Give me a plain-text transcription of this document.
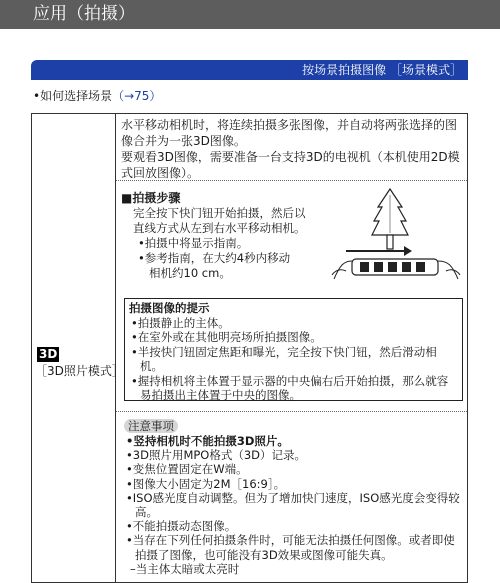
应用（拍摄）
按场景拍摄图像 ［场景模式］
•如何选择场景（→75）
3D
［3D照片模式］
水平移动相机时，将连续拍摄多张图像，并自动将两张选择的图像合并为一张3D图像。
要观看3D图像，需要准备一台支持3D的电视机（本机使用2D模式回放图像）。
■拍摄步骤
完全按下快门钮开始拍摄，然后以直线方式从左到右水平移动相机。
•拍摄中将显示指南。
•参考指南，在大约4秒内移动
相机约10 cm。
拍摄图像的提示
•拍摄静止的主体。
•在室外或在其他明亮场所拍摄图像。
•半按快门钮固定焦距和曝光，完全按下快门钮，然后滑动相机。
•握持相机将主体置于显示器的中央偏右后开始拍摄，那么就容易拍摄出主体置于中央的图像。
注意事项
•竖持相机时不能拍摄3D照片。
•3D照片用MPO格式（3D）记录。
•变焦位置固定在W端。
•图像大小固定为2M［16:9］。
•ISO感光度自动调整。但为了增加快门速度，ISO感光度会变得较高。
•不能拍摄动态图像。
•当存在下列任何拍摄条件时，可能无法拍摄任何图像。或者即使拍摄了图像，也可能没有3D效果或图像可能失真。
–当主体太暗或太亮时
